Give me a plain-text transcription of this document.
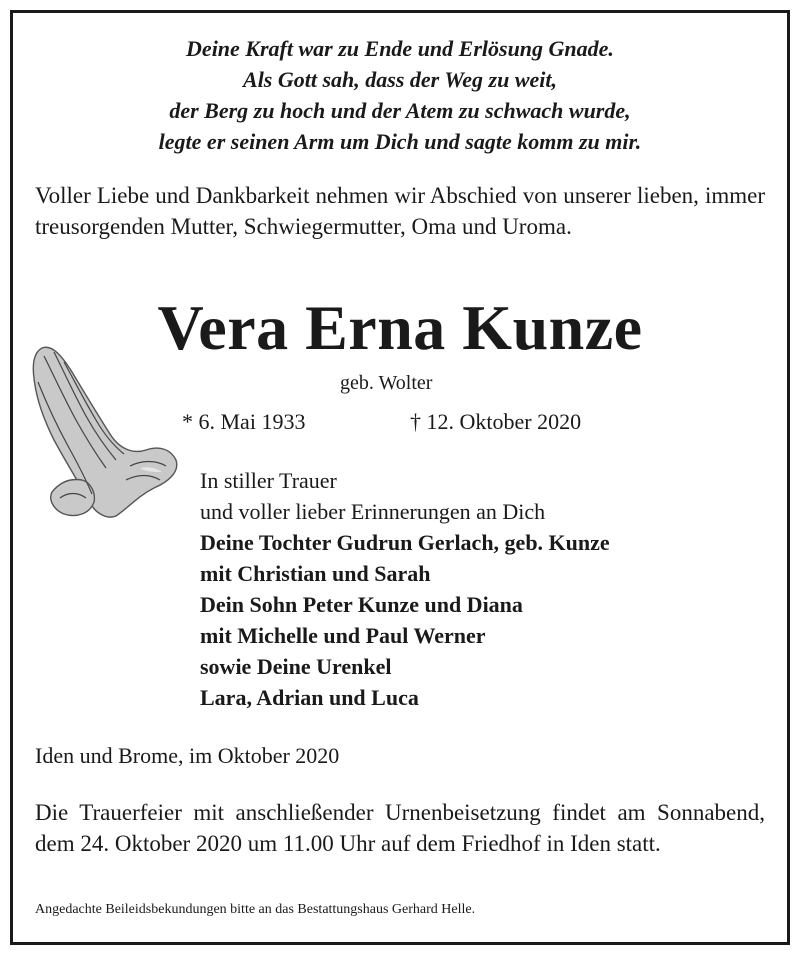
Deine Kraft war zu Ende und Erlösung Gnade.
Als Gott sah, dass der Weg zu weit,
der Berg zu hoch und der Atem zu schwach wurde,
legte er seinen Arm um Dich und sagte komm zu mir.
Voller Liebe und Dankbarkeit nehmen wir Abschied von unserer lieben, immer treusorgenden Mutter, Schwiegermutter, Oma und Uroma.
Vera Erna Kunze
geb. Wolter
* 6. Mai 1933	† 12. Oktober 2020
In stiller Trauer
und voller lieber Erinnerungen an Dich
Deine Tochter Gudrun Gerlach, geb. Kunze
mit Christian und Sarah
Dein Sohn Peter Kunze und Diana
mit Michelle und Paul Werner
sowie Deine Urenkel
Lara, Adrian und Luca
Iden und Brome, im Oktober 2020
Die Trauerfeier mit anschließender Urnenbeisetzung findet am Sonnabend, dem 24. Oktober 2020 um 11.00 Uhr auf dem Friedhof in Iden statt.
Angedachte Beileidsbekundungen bitte an das Bestattungshaus Gerhard Helle.
